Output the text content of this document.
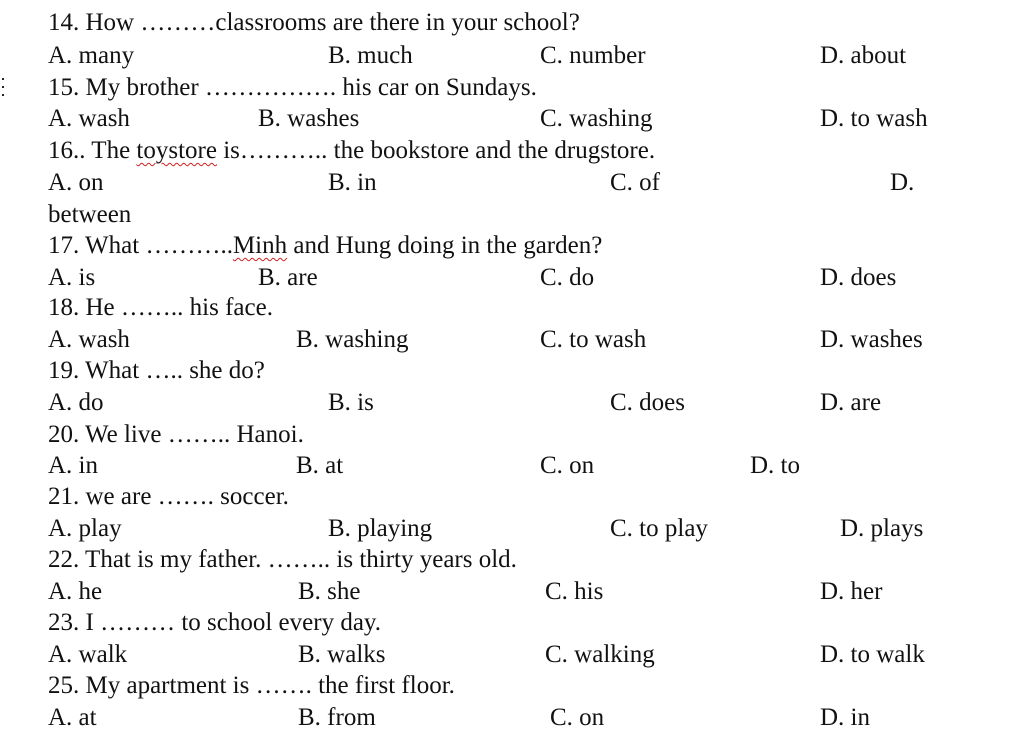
14. How ………classrooms are there in your school?
A. many	B. much	C. number	D. about
15. My brother ……………. his car on Sundays.
A. wash	B. washes	C. washing	D. to wash
16.. The toystore is……….. the bookstore and the drugstore.
A. on	B. in	C. of	D.
between
17. What ………..Minh and Hung doing in the garden?
A. is	B. are	C. do	D. does
18. He …….. his face.
A. wash	B. washing	C. to wash	D. washes
19. What ….. she do?
A. do	B. is	C. does	D. are
20. We live …….. Hanoi.
A. in	B. at	C. on	D. to
21. we are ……. soccer.
A. play	B. playing	C. to play	D. plays
22. That is my father. …….. is thirty years old.
A. he	B. she	C. his	D. her
23. I ……… to school every day.
A. walk	B. walks	C. walking	D. to walk
25. My apartment is ……. the first floor.
A. at	B. from	C. on	D. in
